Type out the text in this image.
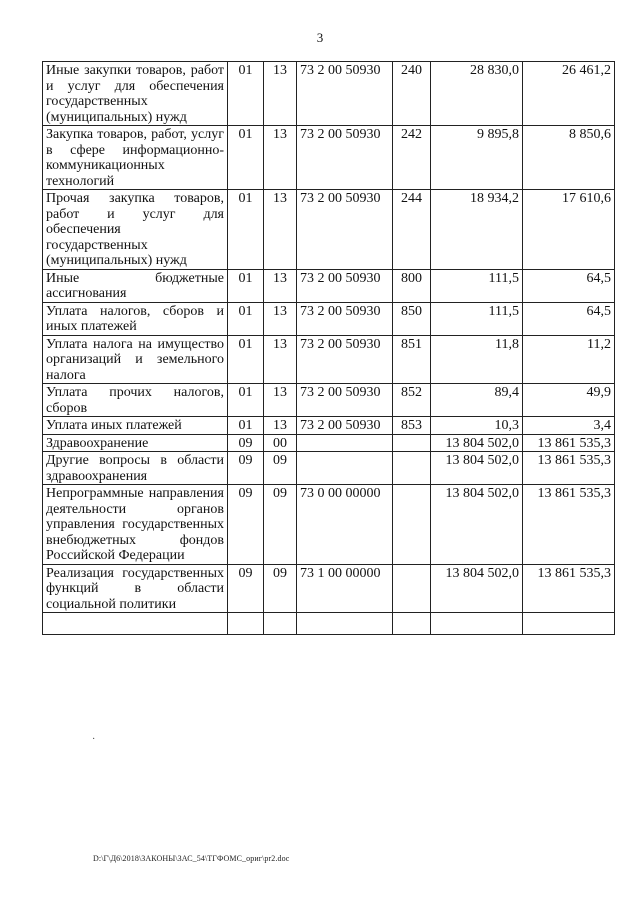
3
Иные закупки товаров, работ и услуг для обеспечения государственных (муниципальных) нужд	01	13	73 2 00 50930	240	28 830,0	26 461,2
Закупка товаров, работ, услуг в сфере информационно-коммуникационных технологий	01	13	73 2 00 50930	242	9 895,8	8 850,6
Прочая закупка товаров, работ и услуг для обеспечения государственных (муниципальных) нужд	01	13	73 2 00 50930	244	18 934,2	17 610,6
Иные бюджетные ассигнования	01	13	73 2 00 50930	800	111,5	64,5
Уплата налогов, сборов и иных платежей	01	13	73 2 00 50930	850	111,5	64,5
Уплата налога на имущество организаций и земельного налога	01	13	73 2 00 50930	851	11,8	11,2
Уплата прочих налогов, сборов	01	13	73 2 00 50930	852	89,4	49,9
Уплата иных платежей	01	13	73 2 00 50930	853	10,3	3,4
Здравоохранение	09	00			13 804 502,0	13 861 535,3
Другие вопросы в области здравоохранения	09	09			13 804 502,0	13 861 535,3
Непрограммные направления деятельности органов управления государственных внебюджетных фондов Российской Федерации	09	09	73 0 00 00000		13 804 502,0	13 861 535,3
Реализация государственных функций в области социальной политики	09	09	73 1 00 00000		13 804 502,0	13 861 535,3

·
D:\Г\Д6\2018\ЗАКОНЫ\ЗАС_54\ТГФОМС_ориг\pr2.doc
